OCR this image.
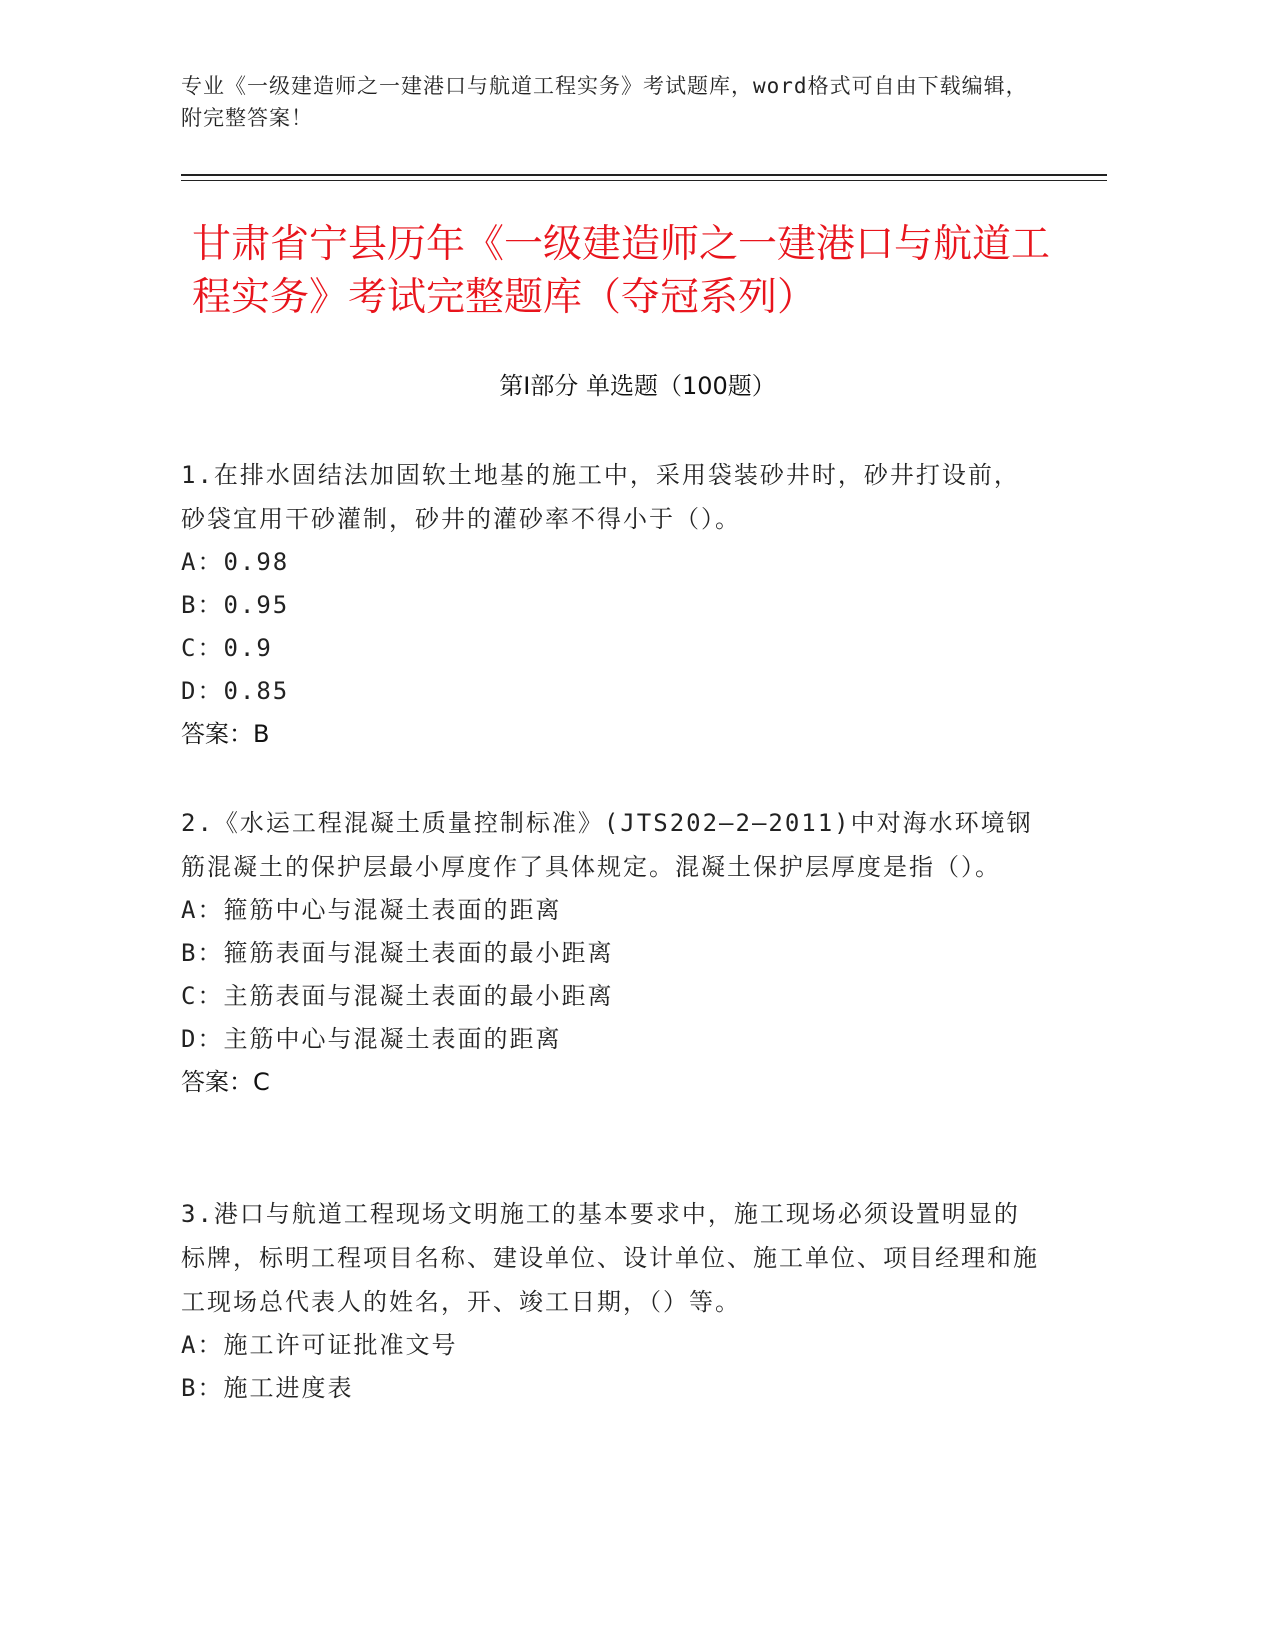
专业《一级建造师之一建港口与航道工程实务》考试题库，word格式可自由下载编辑，附完整答案！
甘肃省宁县历年《一级建造师之一建港口与航道工程实务》考试完整题库（夺冠系列）
第Ⅰ部分 单选题（100题）

1.在排水固结法加固软土地基的施工中，采用袋装砂井时，砂井打设前，砂袋宜用干砂灌制，砂井的灌砂率不得小于（）。

A：0.98

B：0.95

C：0.9

D：0.85

答案：B

2.《水运工程混凝土质量控制标准》(JTS202—2—2011)中对海水环境钢筋混凝土的保护层最小厚度作了具体规定。混凝土保护层厚度是指（）。

A：箍筋中心与混凝土表面的距离

B：箍筋表面与混凝土表面的最小距离

C：主筋表面与混凝土表面的最小距离

D：主筋中心与混凝土表面的距离

答案：C

3.港口与航道工程现场文明施工的基本要求中，施工现场必须设置明显的标牌，标明工程项目名称、建设单位、设计单位、施工单位、项目经理和施工现场总代表人的姓名，开、竣工日期，（）等。

A：施工许可证批准文号

B：施工进度表
